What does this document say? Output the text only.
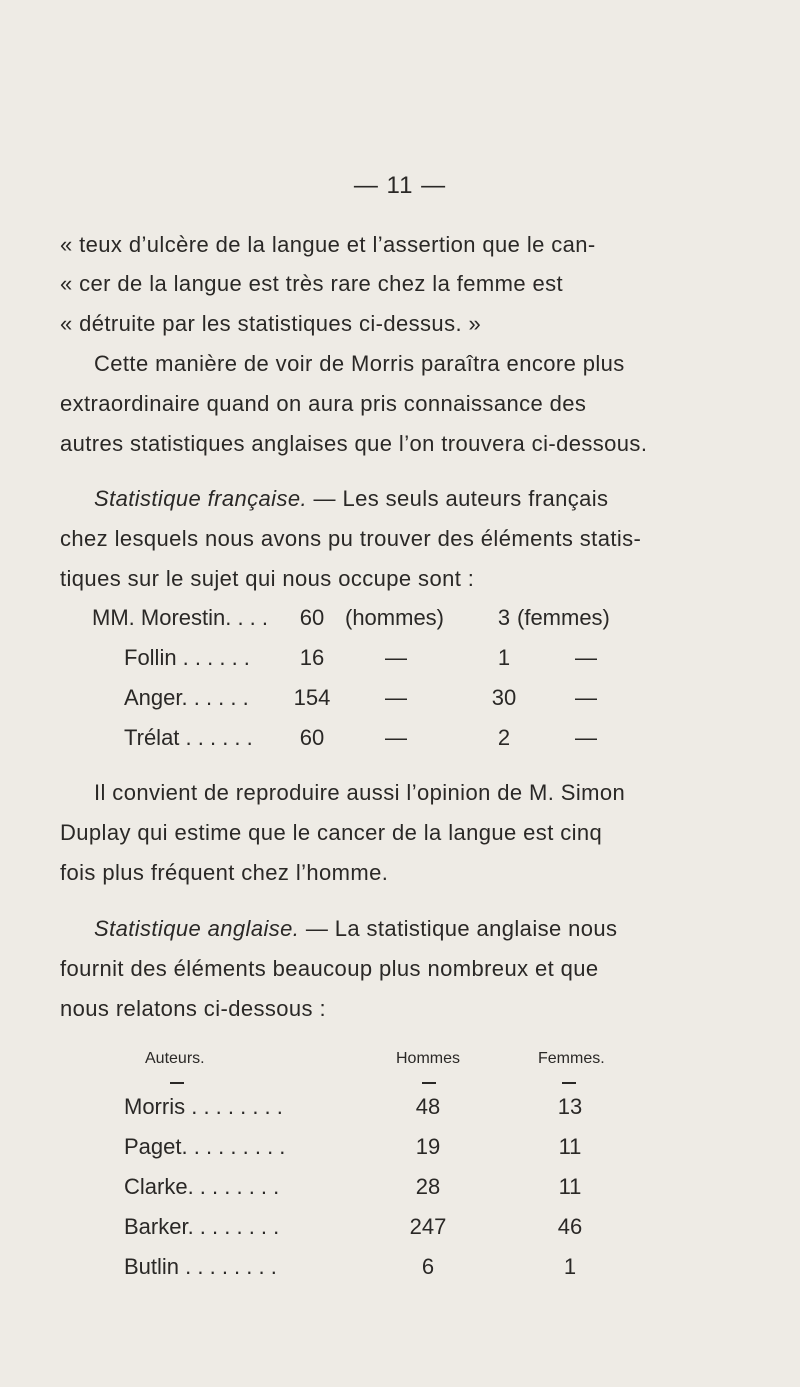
— 11 —
« teux d’ulcère de la langue et l’assertion que le can-
« cer de la langue est très rare chez la femme est
« détruite par les statistiques ci-dessus. »
Cette manière de voir de Morris paraîtra encore plus
extraordinaire quand on aura pris connaissance des
autres statistiques anglaises que l’on trouvera ci-dessous.
Statistique française. — Les seuls auteurs français
chez lesquels nous avons pu trouver des éléments statis-
tiques sur le sujet qui nous occupe sont :
MM. Morestin. . . .	60 (hommes)	3 (femmes)
Follin . . . . . .	16	—	1	—
Anger. . . . . .	154	—	30	—
Trélat . . . . . .	60	—	2	—
Il convient de reproduire aussi l’opinion de M. Simon
Duplay qui estime que le cancer de la langue est cinq
fois plus fréquent chez l’homme.
Statistique anglaise. — La statistique anglaise nous
fournit des éléments beaucoup plus nombreux et que
nous relatons ci-dessous :
Auteurs.	Hommes	Femmes.
Morris . . . . . . . .	48	13
Paget. . . . . . . . .	19	11
Clarke. . . . . . . .	28	11
Barker. . . . . . . .	247	46
Butlin . . . . . . . .	6	1
